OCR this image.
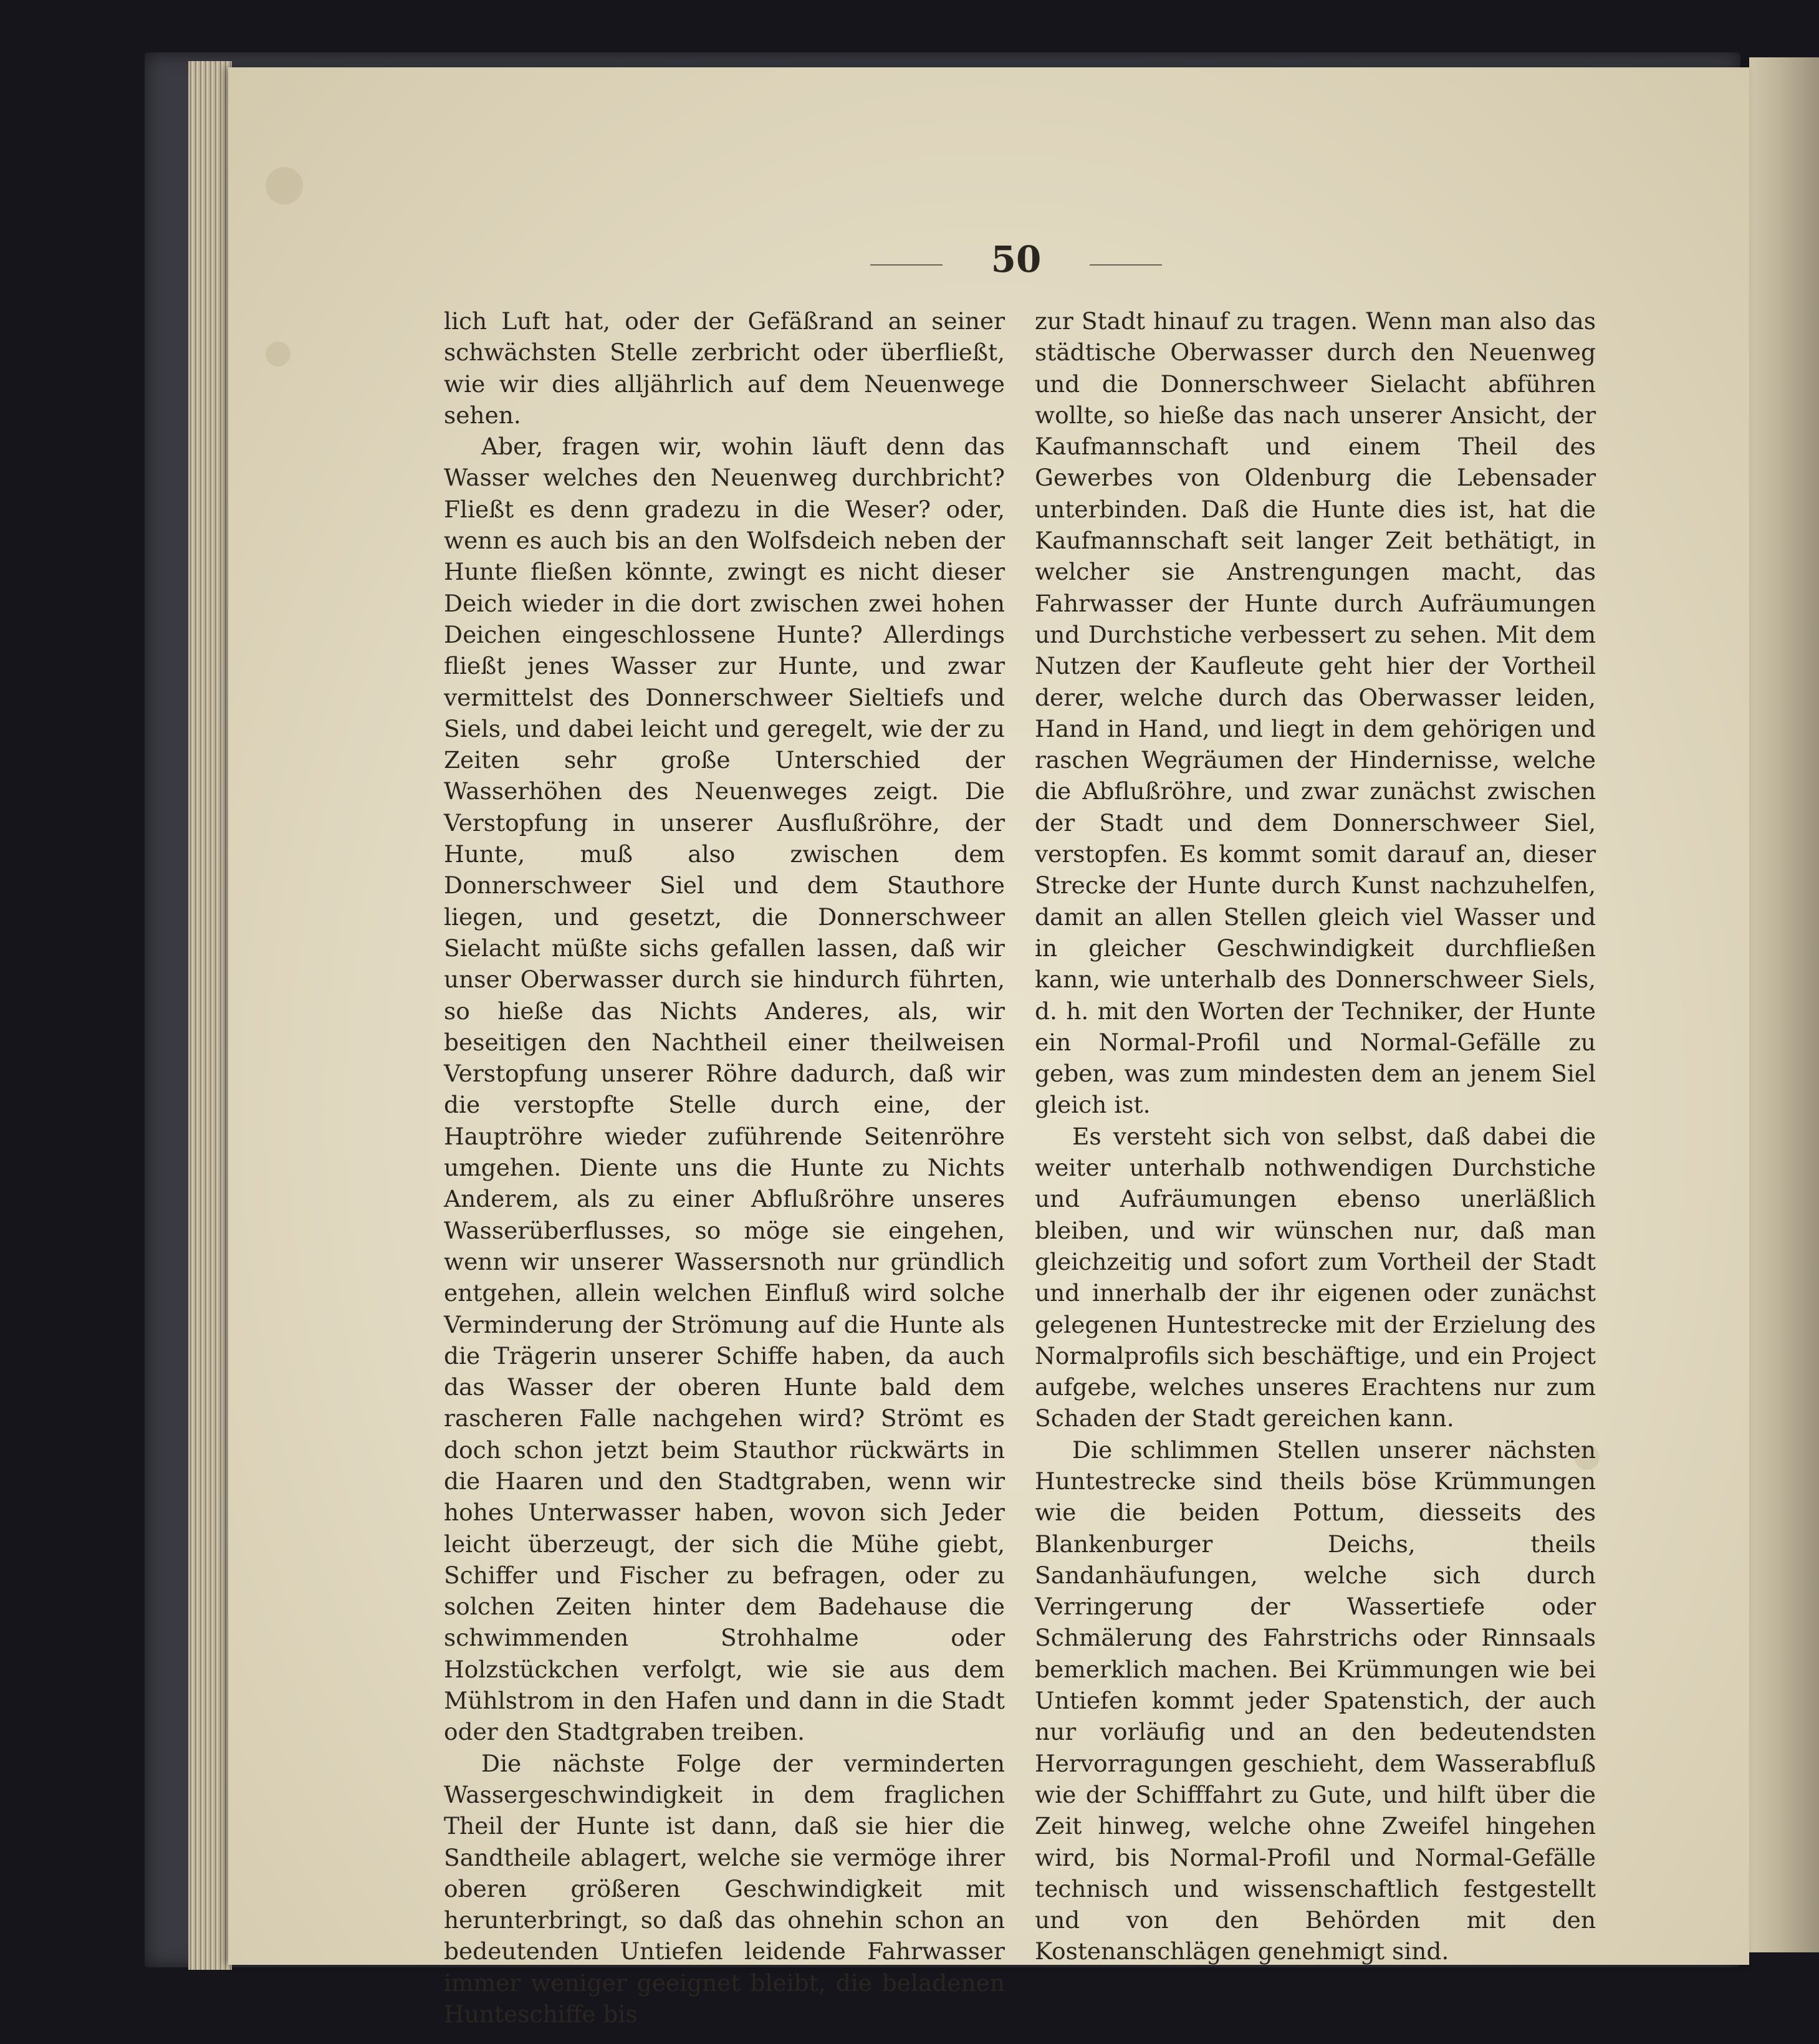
50

lich Luft hat, oder der Gefäßrand an seiner schwächsten Stelle zerbricht oder überfließt, wie wir dies alljährlich auf dem Neuenwege sehen.

Aber, fragen wir, wohin läuft denn das Wasser welches den Neuenweg durchbricht? Fließt es denn gradezu in die Weser? oder, wenn es auch bis an den Wolfsdeich neben der Hunte fließen könnte, zwingt es nicht dieser Deich wieder in die dort zwischen zwei hohen Deichen eingeschlossene Hunte? Allerdings fließt jenes Wasser zur Hunte, und zwar vermittelst des Donnerschweer Sieltiefs und Siels, und dabei leicht und geregelt, wie der zu Zeiten sehr große Unterschied der Wasserhöhen des Neuenweges zeigt. Die Verstopfung in unserer Ausflußröhre, der Hunte, muß also zwischen dem Donnerschweer Siel und dem Stauthore liegen, und gesetzt, die Donnerschweer Sielacht müßte sichs gefallen lassen, daß wir unser Oberwasser durch sie hindurch führten, so hieße das Nichts Anderes, als, wir beseitigen den Nachtheil einer theilweisen Verstopfung unserer Röhre dadurch, daß wir die verstopfte Stelle durch eine, der Hauptröhre wieder zuführende Seitenröhre umgehen. Diente uns die Hunte zu Nichts Anderem, als zu einer Abflußröhre unseres Wasserüberflusses, so möge sie eingehen, wenn wir unserer Wassersnoth nur gründlich entgehen, allein welchen Einfluß wird solche Verminderung der Strömung auf die Hunte als die Trägerin unserer Schiffe haben, da auch das Wasser der oberen Hunte bald dem rascheren Falle nachgehen wird? Strömt es doch schon jetzt beim Stauthor rückwärts in die Haaren und den Stadtgraben, wenn wir hohes Unterwasser haben, wovon sich Jeder leicht überzeugt, der sich die Mühe giebt, Schiffer und Fischer zu befragen, oder zu solchen Zeiten hinter dem Badehause die schwimmenden Strohhalme oder Holzstückchen verfolgt, wie sie aus dem Mühlstrom in den Hafen und dann in die Stadt oder den Stadtgraben treiben.

Die nächste Folge der verminderten Wassergeschwindigkeit in dem fraglichen Theil der Hunte ist dann, daß sie hier die Sandtheile ablagert, welche sie vermöge ihrer oberen größeren Geschwindigkeit mit herunterbringt, so daß das ohnehin schon an bedeutenden Untiefen leidende Fahrwasser immer weniger geeignet bleibt, die beladenen Hunteschiffe bis

zur Stadt hinauf zu tragen. Wenn man also das städtische Oberwasser durch den Neuenweg und die Donnerschweer Sielacht abführen wollte, so hieße das nach unserer Ansicht, der Kaufmannschaft und einem Theil des Gewerbes von Oldenburg die Lebensader unterbinden. Daß die Hunte dies ist, hat die Kaufmannschaft seit langer Zeit bethätigt, in welcher sie Anstrengungen macht, das Fahrwasser der Hunte durch Aufräumungen und Durchstiche verbessert zu sehen. Mit dem Nutzen der Kaufleute geht hier der Vortheil derer, welche durch das Oberwasser leiden, Hand in Hand, und liegt in dem gehörigen und raschen Wegräumen der Hindernisse, welche die Abflußröhre, und zwar zunächst zwischen der Stadt und dem Donnerschweer Siel, verstopfen. Es kommt somit darauf an, dieser Strecke der Hunte durch Kunst nachzuhelfen, damit an allen Stellen gleich viel Wasser und in gleicher Geschwindigkeit durchfließen kann, wie unterhalb des Donnerschweer Siels, d. h. mit den Worten der Techniker, der Hunte ein Normal-Profil und Normal-Gefälle zu geben, was zum mindesten dem an jenem Siel gleich ist.

Es versteht sich von selbst, daß dabei die weiter unterhalb nothwendigen Durchstiche und Aufräumungen ebenso unerläßlich bleiben, und wir wünschen nur, daß man gleichzeitig und sofort zum Vortheil der Stadt und innerhalb der ihr eigenen oder zunächst gelegenen Huntestrecke mit der Erzielung des Normalprofils sich beschäftige, und ein Project aufgebe, welches unseres Erachtens nur zum Schaden der Stadt gereichen kann.

Die schlimmen Stellen unserer nächsten Huntestrecke sind theils böse Krümmungen wie die beiden Pottum, diesseits des Blankenburger Deichs, theils Sandanhäufungen, welche sich durch Verringerung der Wassertiefe oder Schmälerung des Fahrstrichs oder Rinnsaals bemerklich machen. Bei Krümmungen wie bei Untiefen kommt jeder Spatenstich, der auch nur vorläufig und an den bedeutendsten Hervorragungen geschieht, dem Wasserabfluß wie der Schifffahrt zu Gute, und hilft über die Zeit hinweg, welche ohne Zweifel hingehen wird, bis Normal-Profil und Normal-Gefälle technisch und wissenschaftlich festgestellt und von den Behörden mit den Kostenanschlägen genehmigt sind.
